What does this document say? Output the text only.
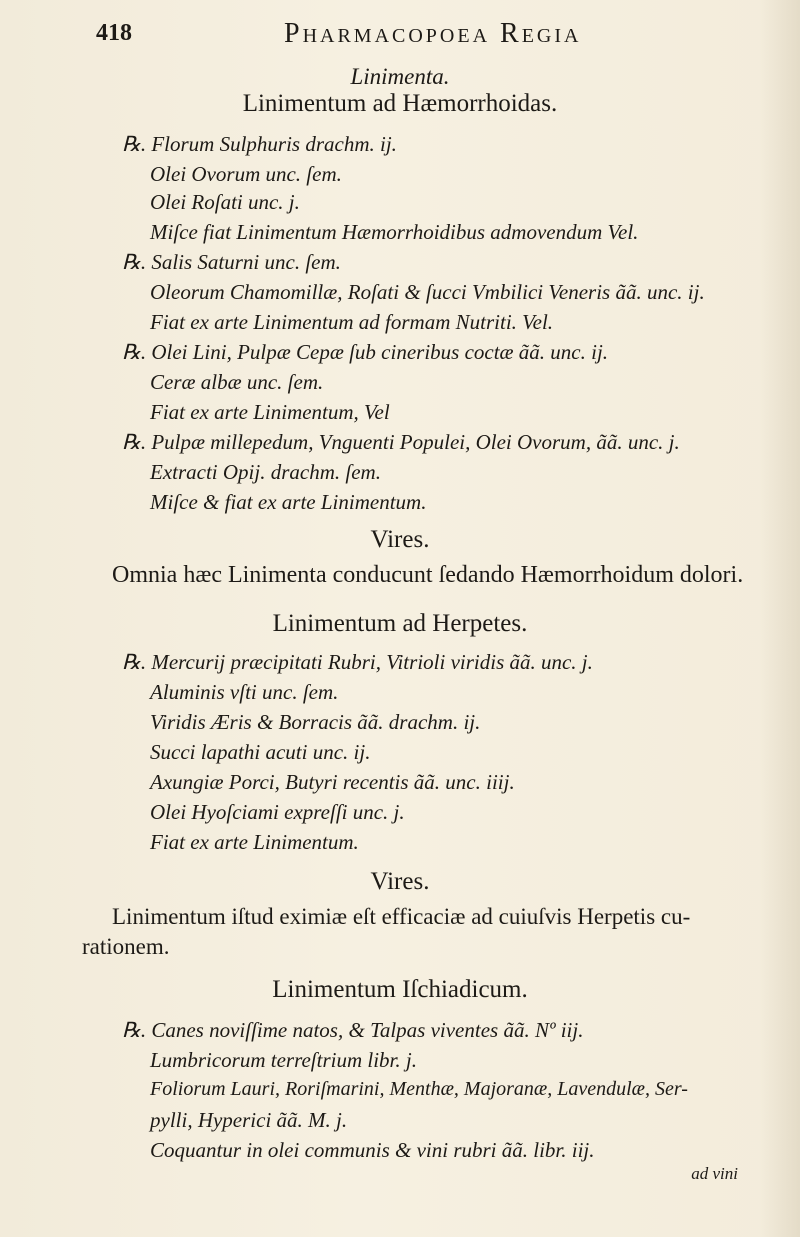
418	Pharmacopoea Regia
Linimenta.
Linimentum ad Hæmorrhoidas.
℞. Florum Sulphuris drachm. ij.
Olei Ovorum unc. ſem.
Olei Roſati unc. j.
Miſce fiat Linimentum Hæmorrhoidibus admovendum Vel.
℞. Salis Saturni unc. ſem.
Oleorum Chamomillæ, Roſati & ſucci Vmbilici Veneris ãã. unc. ij.
Fiat ex arte Linimentum ad formam Nutriti. Vel.
℞. Olei Lini, Pulpæ Cepæ ſub cineribus coctæ ãã. unc. ij.
Ceræ albæ unc. ſem.
Fiat ex arte Linimentum, Vel
℞. Pulpæ millepedum, Vnguenti Populei, Olei Ovorum, ãã. unc. j.
Extracti Opij. drachm. ſem.
Miſce & fiat ex arte Linimentum.
Vires.
Omnia hæc Linimenta conducunt ſedando Hæmorrhoidum dolori.
Linimentum ad Herpetes.
℞. Mercurij præcipitati Rubri, Vitrioli viridis ãã. unc. j.
Aluminis vſti unc. ſem.
Viridis Æris & Borracis ãã. drachm. ij.
Succi lapathi acuti unc. ij.
Axungiæ Porci, Butyri recentis ãã. unc. iiij.
Olei Hyoſciami expreſſi unc. j.
Fiat ex arte Linimentum.
Vires.
Linimentum iſtud eximiæ eſt efficaciæ ad cuiuſvis Herpetis cu-
rationem.
Linimentum Iſchiadicum.
℞. Canes noviſſime natos, & Talpas viventes ãã. Nº iij.
Lumbricorum terreſtrium libr. j.
Foliorum Lauri, Roriſmarini, Menthæ, Majoranæ, Lavendulæ, Ser-
pylli, Hyperici ãã. M. j.
Coquantur in olei communis & vini rubri ãã. libr. iij.
ad vini
